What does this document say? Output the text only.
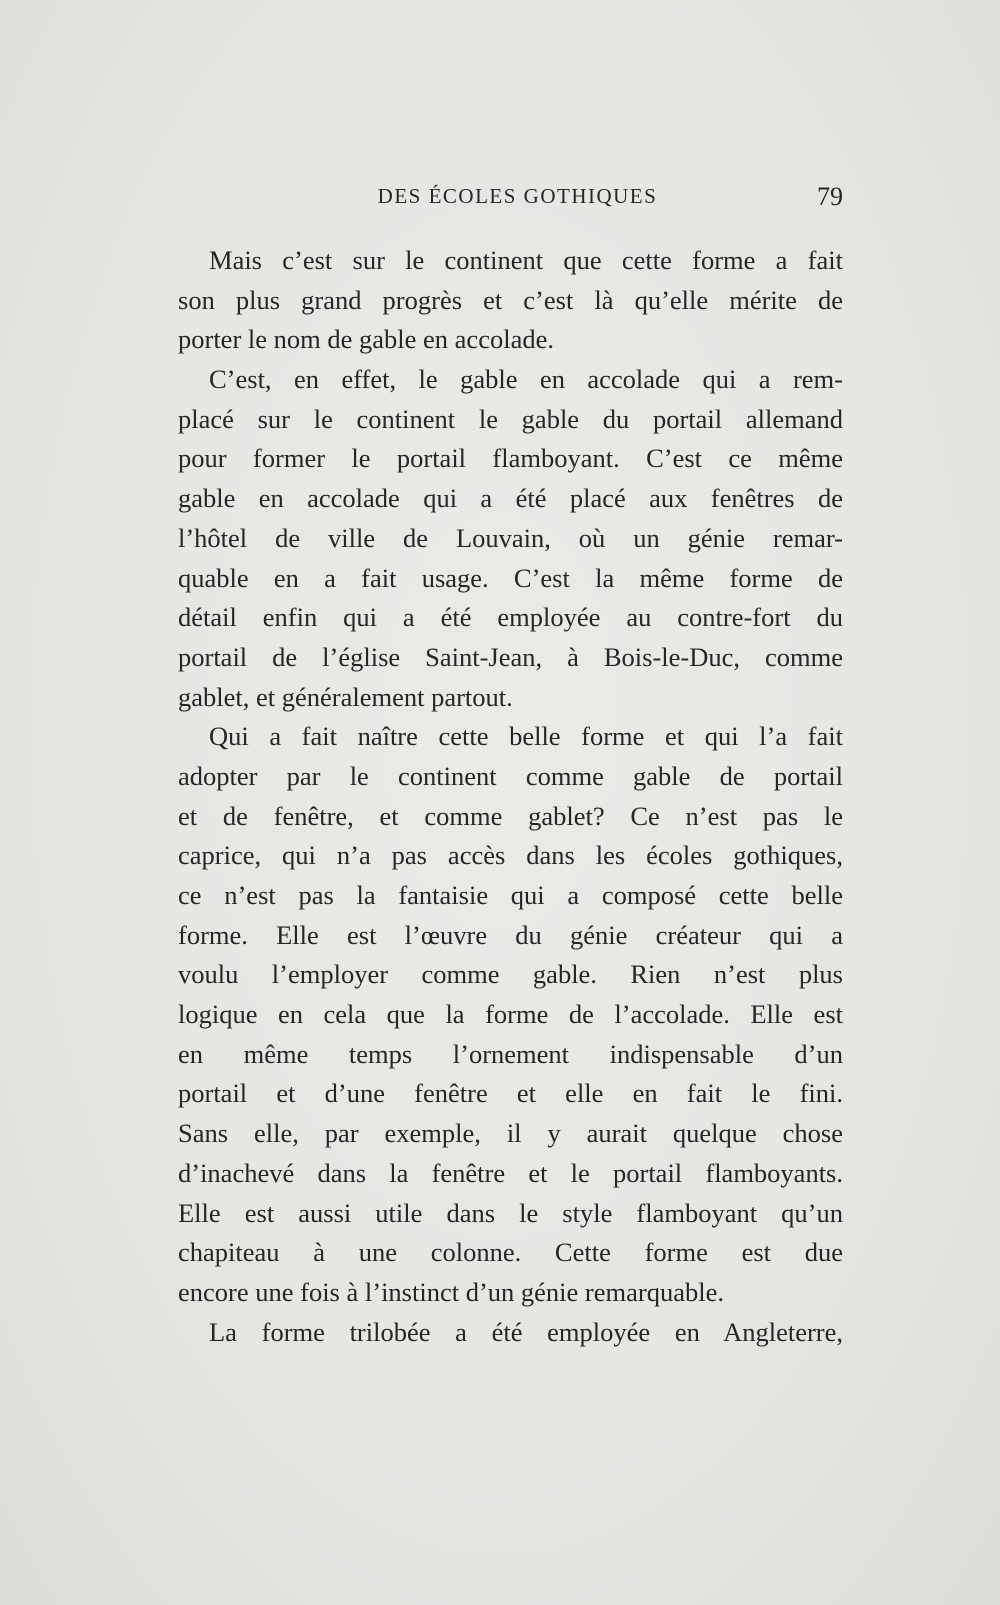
DES ÉCOLES GOTHIQUES	79

Mais c’est sur le continent que cette forme a fait
son plus grand progrès et c’est là qu’elle mérite de
porter le nom de gable en accolade.

C’est, en effet, le gable en accolade qui a rem-
placé sur le continent le gable du portail allemand
pour former le portail flamboyant. C’est ce même
gable en accolade qui a été placé aux fenêtres de
l’hôtel de ville de Louvain, où un génie remar-
quable en a fait usage. C’est la même forme de
détail enfin qui a été employée au contre-fort du
portail de l’église Saint-Jean, à Bois-le-Duc, comme
gablet, et généralement partout.

Qui a fait naître cette belle forme et qui l’a fait
adopter par le continent comme gable de portail
et de fenêtre, et comme gablet? Ce n’est pas le
caprice, qui n’a pas accès dans les écoles gothiques,
ce n’est pas la fantaisie qui a composé cette belle
forme. Elle est l’œuvre du génie créateur qui a
voulu l’employer comme gable. Rien n’est plus
logique en cela que la forme de l’accolade. Elle est
en même temps l’ornement indispensable d’un
portail et d’une fenêtre et elle en fait le fini.
Sans elle, par exemple, il y aurait quelque chose
d’inachevé dans la fenêtre et le portail flamboyants.
Elle est aussi utile dans le style flamboyant qu’un
chapiteau à une colonne. Cette forme est due
encore une fois à l’instinct d’un génie remarquable.

La forme trilobée a été employée en Angleterre,
